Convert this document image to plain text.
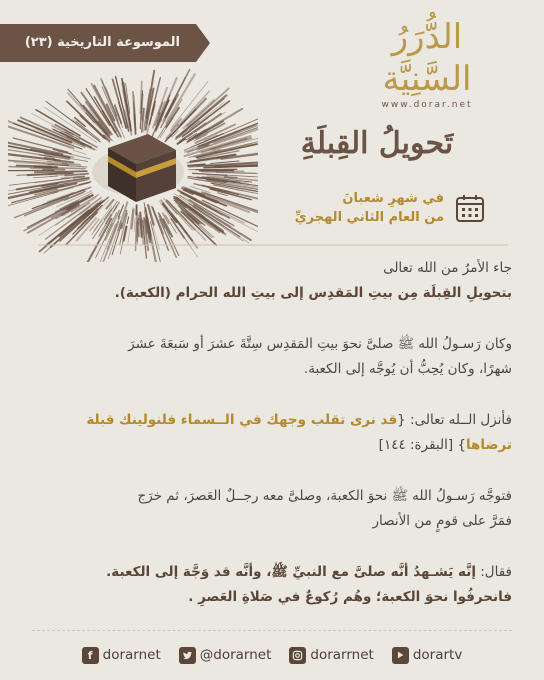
الموسوعة التاريخية (٢٣)	الدُّرَرُ السَّنِيَّة
www.dorar.net
تَحويلُ القِبلَةِ
في شهرِ شعبانَ
من العام الثاني الهجريِّ
جاء الأمرُ من الله تعالى
بتحويلِ القِبلَة مِن بيتِ المَقدِس إلى بيتِ الله الحرام (الكعبة).
وكان رَسـولُ الله ﷺ صلىَّ نحوَ بيتِ المَقدِس سِتَّةَ عشرَ أو سَبعَةَ عشرَ
شهرًا، وكان يُحِبُّ أن يُوجَّه إلى الكعبة.
فأنزل الــله تعالى: {قد نرى تقلب وجهك في الــسماء فلنولينك قبلة
ترضاها} [البقرة: ١٤٤]
فتوجَّه رَسـولُ الله ﷺ نحوَ الكعبة، وصلىَّ معه رجــلٌ العَصرَ، ثم خرَج
فمَرَّ على قومٍ من الأنصار
فقال: إنَّه يَشـهدُ أنَّه صلىَّ مع النبيِّ ﷺ، وأنَّه قد وَجَّهَ إلى الكعبة.
فانحرفُوا نحوَ الكعبة؛ وهُم رُكوعٌ في صَلاةِ العَصرِ .
f dorarnet	@dorarnet	dorarrnet	dorartv
